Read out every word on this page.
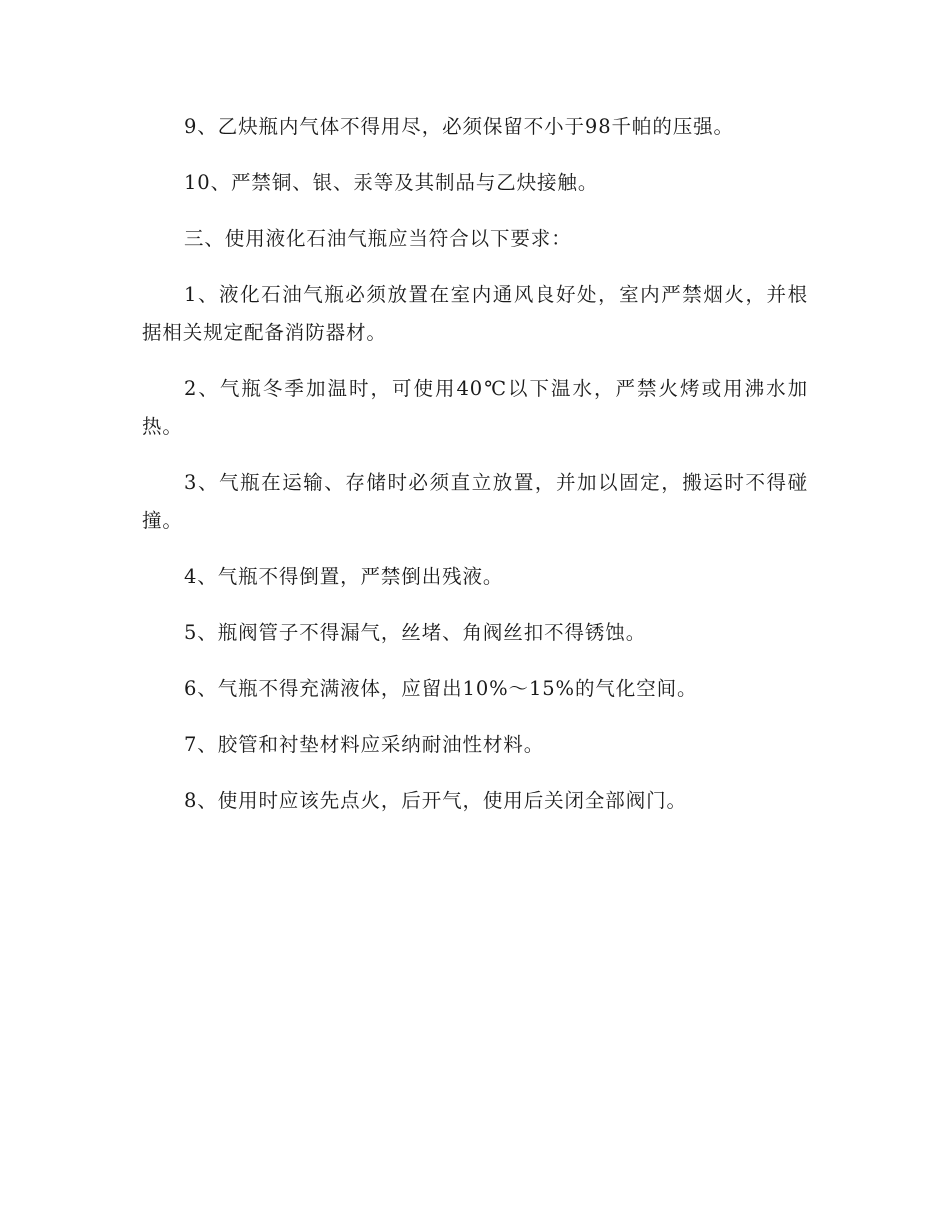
9、乙炔瓶内气体不得用尽，必须保留不小于98千帕的压强。

10、严禁铜、银、汞等及其制品与乙炔接触。

三、使用液化石油气瓶应当符合以下要求：

1、液化石油气瓶必须放置在室内通风良好处，室内严禁烟火，并根据相关规定配备消防器材。

2、气瓶冬季加温时，可使用40℃以下温水，严禁火烤或用沸水加热。

3、气瓶在运输、存储时必须直立放置，并加以固定，搬运时不得碰撞。

4、气瓶不得倒置，严禁倒出残液。

5、瓶阀管子不得漏气，丝堵、角阀丝扣不得锈蚀。

6、气瓶不得充满液体，应留出10%～15%的气化空间。

7、胶管和衬垫材料应采纳耐油性材料。

8、使用时应该先点火，后开气，使用后关闭全部阀门。
